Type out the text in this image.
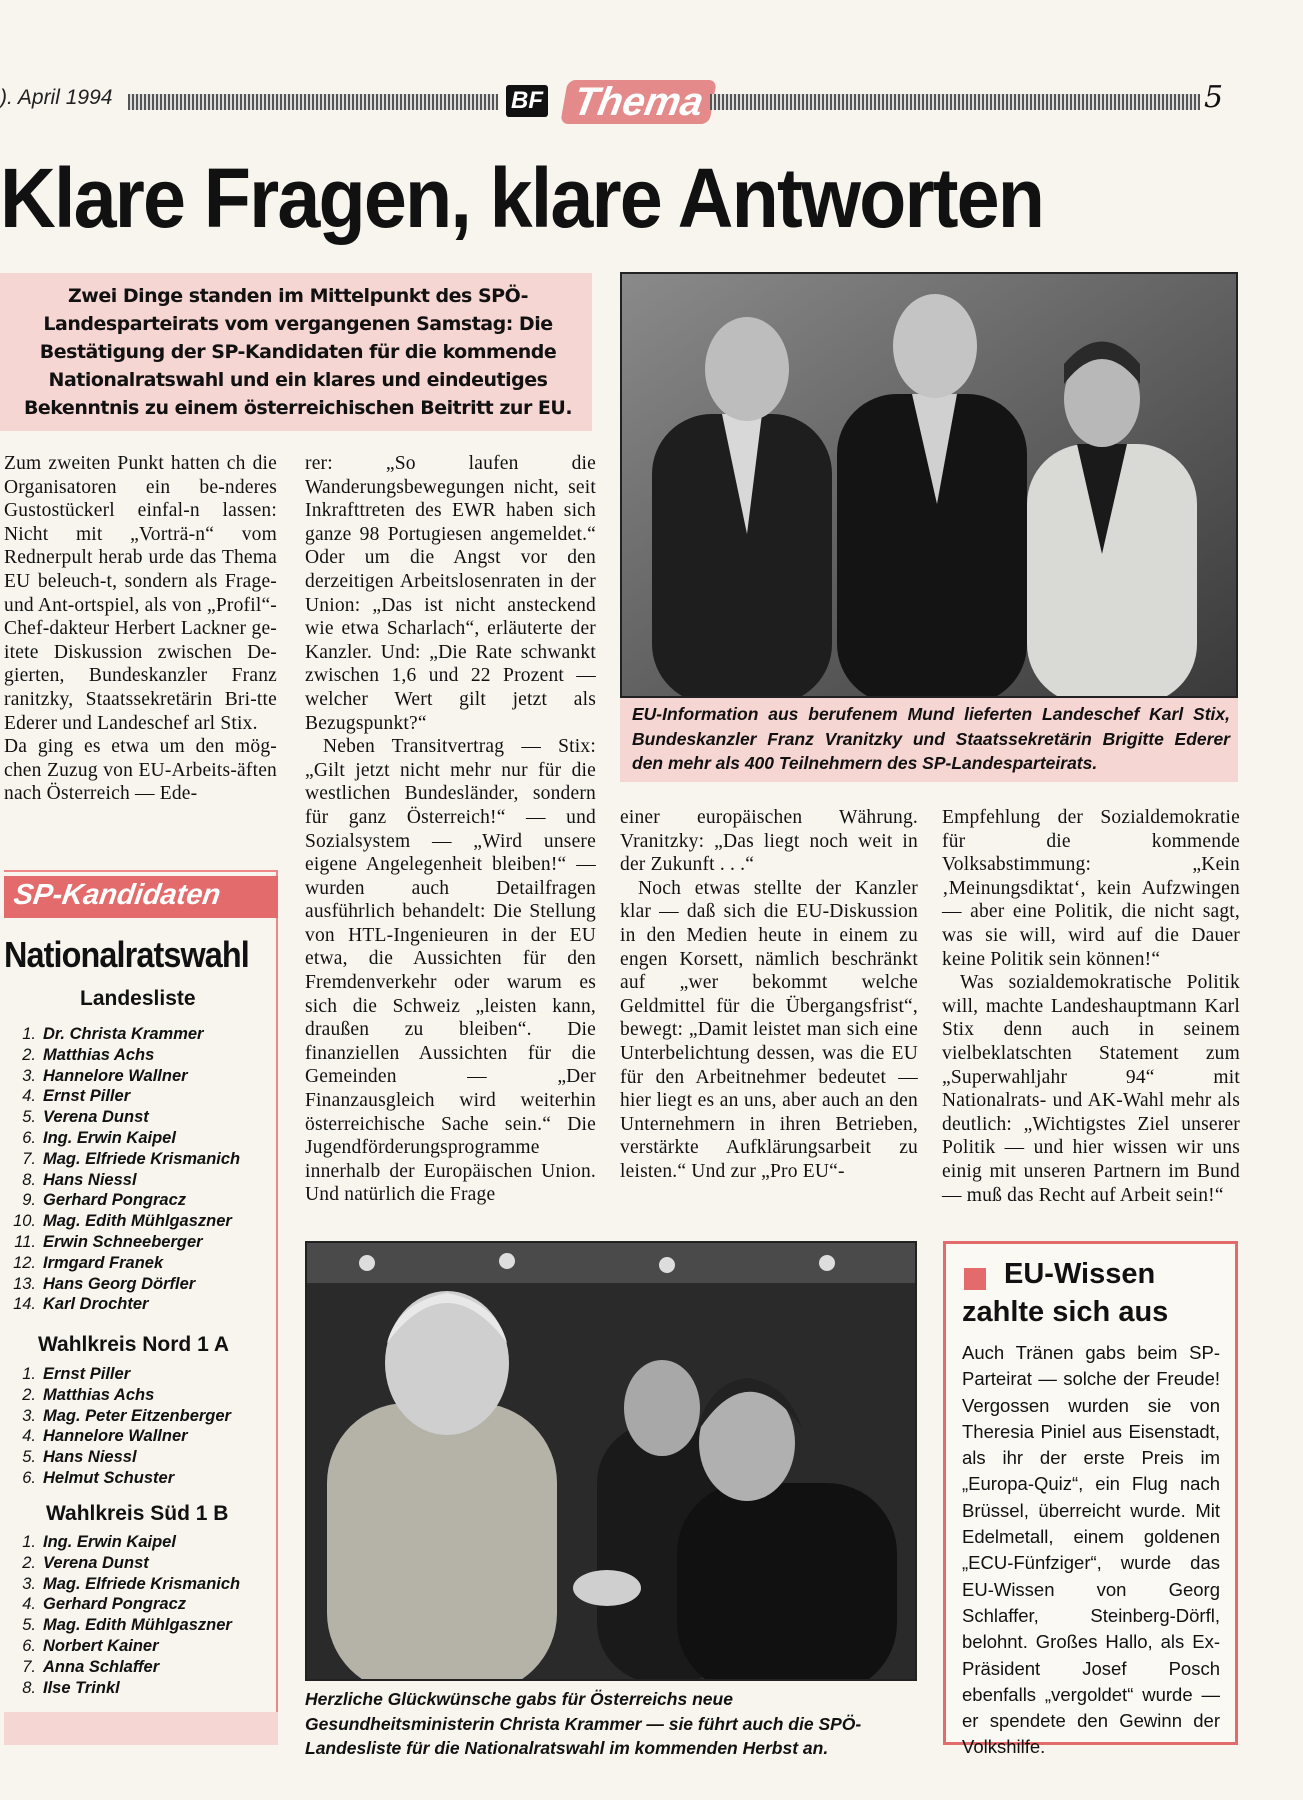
). April 1994	BF Thema	5
Klare Fragen, klare Antworten
Zwei Dinge standen im Mittelpunkt des SPÖ-Landesparteirats vom vergangenen Samstag: Die Bestätigung der SP-Kandidaten für die kommende Nationalratswahl und ein klares und eindeutiges Bekenntnis zu einem österreichischen Beitritt zur EU.

Zum zweiten Punkt hatten ch die Organisatoren ein be-nderes Gustostückerl einfal-n lassen: Nicht mit „Vorträ-n“ vom Rednerpult herab urde das Thema EU beleuch-t, sondern als Frage- und Ant-ortspiel, als von „Profil“-Chef-dakteur Herbert Lackner ge-itete Diskussion zwischen De-gierten, Bundeskanzler Franz ranitzky, Staatssekretärin Bri-tte Ederer und Landeschef arl Stix.

Da ging es etwa um den mög-chen Zuzug von EU-Arbeits-äften nach Österreich — Ede-

rer: „So laufen die Wanderungsbewegungen nicht, seit Inkrafttreten des EWR haben sich ganze 98 Portugiesen angemeldet.“ Oder um die Angst vor den derzeitigen Arbeitslosenraten in der Union: „Das ist nicht ansteckend wie etwa Scharlach“, erläuterte der Kanzler. Und: „Die Rate schwankt zwischen 1,6 und 22 Prozent — welcher Wert gilt jetzt als Bezugspunkt?“

Neben Transitvertrag — Stix: „Gilt jetzt nicht mehr nur für die westlichen Bundesländer, sondern für ganz Österreich!“ — und Sozialsystem — „Wird unsere eigene Angelegenheit bleiben!“ — wurden auch Detailfragen ausführlich behandelt: Die Stellung von HTL-Ingenieuren in der EU etwa, die Aussichten für den Fremdenverkehr oder warum es sich die Schweiz „leisten kann, draußen zu bleiben“. Die finanziellen Aussichten für die Gemeinden — „Der Finanzausgleich wird weiterhin österreichische Sache sein.“ Die Jugendförderungsprogramme innerhalb der Europäischen Union. Und natürlich die Frage

einer europäischen Währung. Vranitzky: „Das liegt noch weit in der Zukunft . . .“

Noch etwas stellte der Kanzler klar — daß sich die EU-Diskussion in den Medien heute in einem zu engen Korsett, nämlich beschränkt auf „wer bekommt welche Geldmittel für die Übergangsfrist“, bewegt: „Damit leistet man sich eine Unterbelichtung dessen, was die EU für den Arbeitnehmer bedeutet — hier liegt es an uns, aber auch an den Unternehmern in ihren Betrieben, verstärkte Aufklärungsarbeit zu leisten.“ Und zur „Pro EU“-

Empfehlung der Sozialdemokratie für die kommende Volksabstimmung: „Kein ‚Meinungsdiktat‘, kein Aufzwingen — aber eine Politik, die nicht sagt, was sie will, wird auf die Dauer keine Politik sein können!“

Was sozialdemokratische Politik will, machte Landeshauptmann Karl Stix denn auch in seinem vielbeklatschten Statement zum „Superwahljahr 94“ mit Nationalrats- und AK-Wahl mehr als deutlich: „Wichtigstes Ziel unserer Politik — und hier wissen wir uns einig mit unseren Partnern im Bund — muß das Recht auf Arbeit sein!“

EU-Information aus berufenem Mund lieferten Landeschef Karl Stix, Bundeskanzler Franz Vranitzky und Staatssekretärin Brigitte Ederer den mehr als 400 Teilnehmern des SP-Landesparteirats.
Herzliche Glückwünsche gabs für Österreichs neue Gesundheitsministerin Christa Krammer — sie führt auch die SPÖ-Landesliste für die Nationalratswahl im kommenden Herbst an.
SP-Kandidaten
Nationalratswahl
Landesliste
1. Dr. Christa Krammer
2. Matthias Achs
3. Hannelore Wallner
4. Ernst Piller
5. Verena Dunst
6. Ing. Erwin Kaipel
7. Mag. Elfriede Krismanich
8. Hans Niessl
9. Gerhard Pongracz
10. Mag. Edith Mühlgaszner
11. Erwin Schneeberger
12. Irmgard Franek
13. Hans Georg Dörfler
14. Karl Drochter
Wahlkreis Nord 1 A
1. Ernst Piller
2. Matthias Achs
3. Mag. Peter Eitzenberger
4. Hannelore Wallner
5. Hans Niessl
6. Helmut Schuster
Wahlkreis Süd 1 B
1. Ing. Erwin Kaipel
2. Verena Dunst
3. Mag. Elfriede Krismanich
4. Gerhard Pongracz
5. Mag. Edith Mühlgaszner
6. Norbert Kainer
7. Anna Schlaffer
8. Ilse Trinkl
EU-Wissen
zahlte sich aus
Auch Tränen gabs beim SP-Parteirat — solche der Freude! Vergossen wurden sie von Theresia Piniel aus Eisenstadt, als ihr der erste Preis im „Europa-Quiz“, ein Flug nach Brüssel, überreicht wurde. Mit Edelmetall, einem goldenen „ECU-Fünfziger“, wurde das EU-Wissen von Georg Schlaffer, Steinberg-Dörfl, belohnt. Großes Hallo, als Ex-Präsident Josef Posch ebenfalls „vergoldet“ wurde — er spendete den Gewinn der Volkshilfe.
